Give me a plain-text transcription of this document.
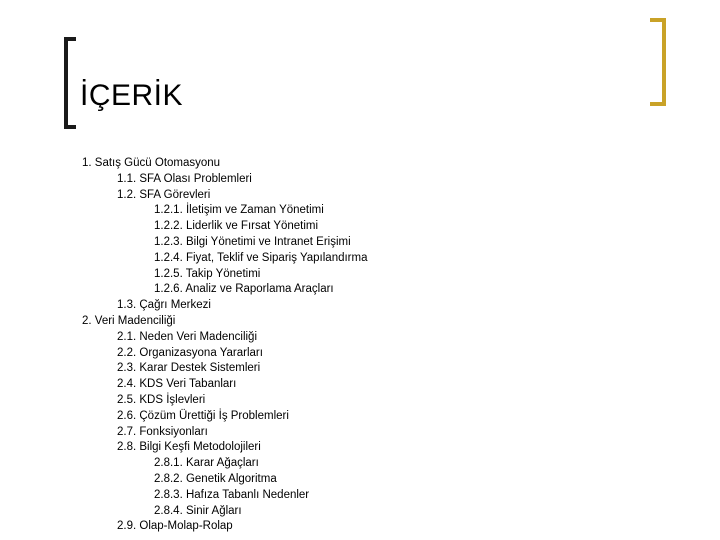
İÇERİK
1. Satış Gücü Otomasyonu
1.1. SFA Olası Problemleri
1.2. SFA Görevleri
1.2.1. İletişim ve Zaman Yönetimi
1.2.2. Liderlik ve Fırsat Yönetimi
1.2.3. Bilgi Yönetimi ve Intranet Erişimi
1.2.4. Fiyat, Teklif ve Sipariş Yapılandırma
1.2.5. Takip Yönetimi
1.2.6. Analiz ve Raporlama Araçları
1.3. Çağrı Merkezi
2. Veri Madenciliği
2.1. Neden Veri Madenciliği
2.2. Organizasyona Yararları
2.3. Karar Destek Sistemleri
2.4. KDS Veri Tabanları
2.5. KDS İşlevleri
2.6. Çözüm Ürettiği İş Problemleri
2.7. Fonksiyonları
2.8. Bilgi Keşfi Metodolojileri
2.8.1. Karar Ağaçları
2.8.2. Genetik Algoritma
2.8.3. Hafıza Tabanlı Nedenler
2.8.4. Sinir Ağları
2.9. Olap-Molap-Rolap
